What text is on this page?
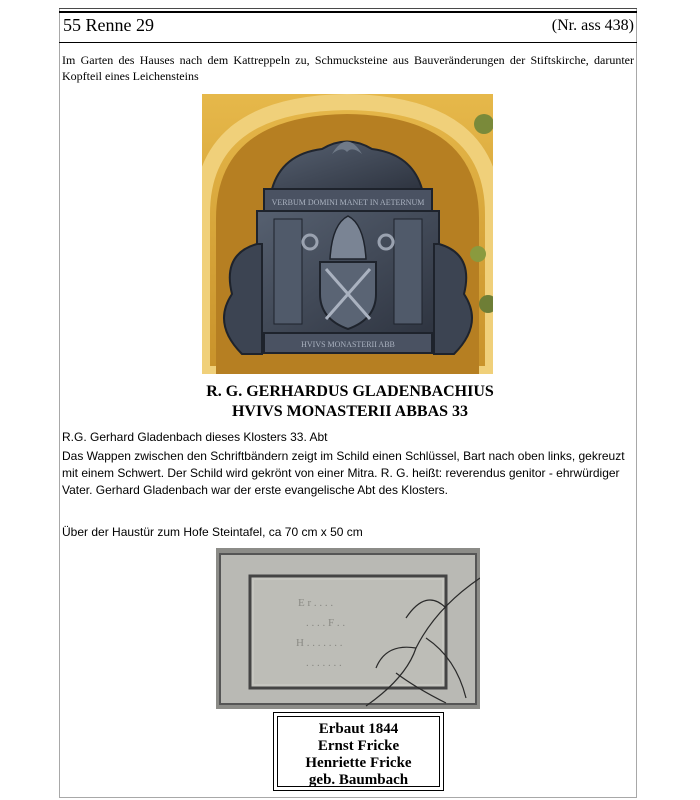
55 Renne 29	(Nr. ass 438)
Im Garten des Hauses nach dem Kattreppeln zu, Schmucksteine aus Bauveränderungen der Stiftskirche, darunter Kopfteil eines Leichensteins
VERBUM DOMINI MANET IN AETERNUM
HVIVS MONASTERII ABB
R. G. GERHARDUS GLADENBACHIUS
HVIVS MONASTERII ABBAS 33
R.G. Gerhard Gladenbach dieses Klosters 33. Abt
Das Wappen zwischen den Schriftbändern zeigt im Schild einen Schlüssel, Bart nach oben links, gekreuzt mit einem Schwert. Der Schild wird gekrönt von einer Mitra. R. G. heißt: reverendus genitor - ehrwürdiger Vater. Gerhard Gladenbach war der erste evangelische Abt des Klosters.
Über der Haustür zum Hofe Steintafel, ca 70 cm x 50 cm
E r . . . .
. . . . F . .
H . . . . . . .
. . . . . . .
Erbaut 1844
Ernst Fricke
Henriette Fricke
geb. Baumbach
